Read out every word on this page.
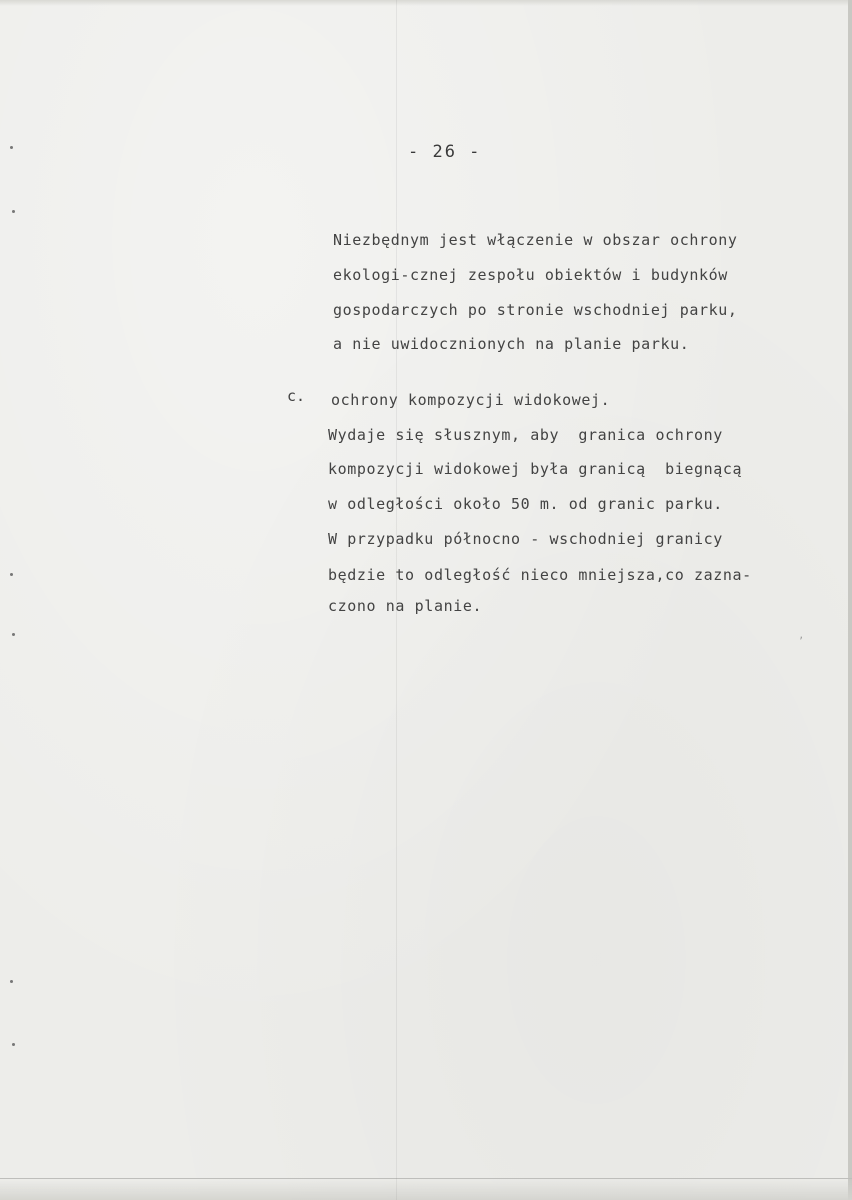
- 26 -
Niezbędnym jest włączenie w obszar ochrony
ekologi-cznej zespołu obiektów i budynków
gospodarczych po stronie wschodniej parku,
a nie uwidocznionych na planie parku.
c. ochrony kompozycji widokowej.
Wydaje się słusznym, aby  granica ochrony
kompozycji widokowej była granicą  biegnącą
w odległości około 50 m. od granic parku.
W przypadku północno - wschodniej granicy
będzie to odległość nieco mniejsza,co zazna-
czono na planie.
ʼ
